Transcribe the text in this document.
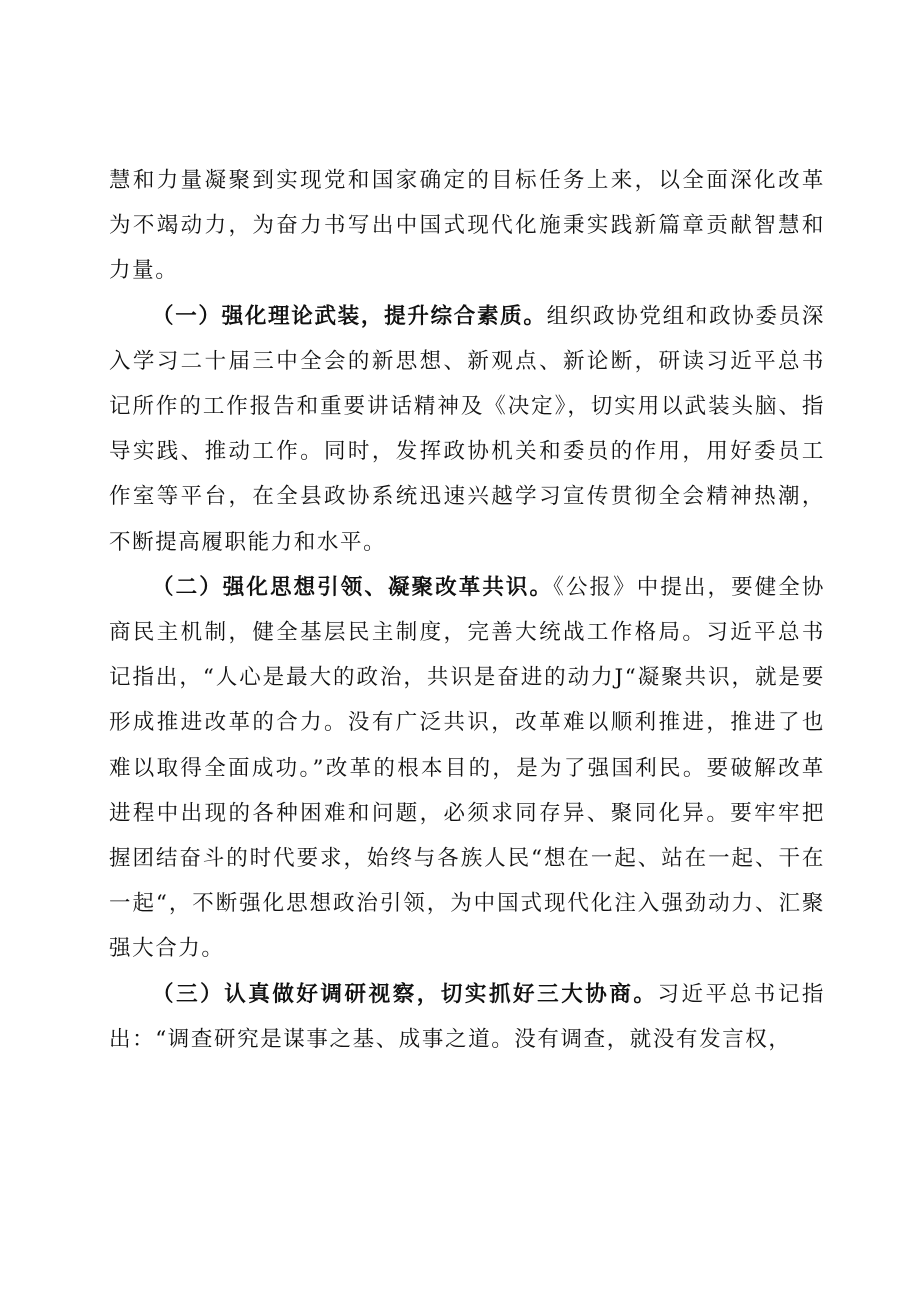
慧和力量凝聚到实现党和国家确定的目标任务上来，以全面深化改革为不竭动力，为奋力书写出中国式现代化施秉实践新篇章贡献智慧和力量。

（一）强化理论武装，提升综合素质。组织政协党组和政协委员深入学习二十届三中全会的新思想、新观点、新论断，研读习近平总书记所作的工作报告和重要讲话精神及《决定》，切实用以武装头脑、指导实践、推动工作。同时，发挥政协机关和委员的作用，用好委员工作室等平台，在全县政协系统迅速兴越学习宣传贯彻全会精神热潮，不断提高履职能力和水平。

（二）强化思想引领、凝聚改革共识。《公报》中提出，要健全协商民主机制，健全基层民主制度，完善大统战工作格局。习近平总书记指出，“人心是最大的政治，共识是奋进的动力J“凝聚共识，就是要形成推进改革的合力。没有广泛共识，改革难以顺利推进，推进了也难以取得全面成功。”改革的根本目的，是为了强国利民。要破解改革进程中出现的各种困难和问题，必须求同存异、聚同化异。要牢牢把握团结奋斗的时代要求，始终与各族人民“想在一起、站在一起、干在一起“，不断强化思想政治引领，为中国式现代化注入强劲动力、汇聚强大合力。

（三）认真做好调研视察，切实抓好三大协商。习近平总书记指出：“调查研究是谋事之基、成事之道。没有调查，就没有发言权，
